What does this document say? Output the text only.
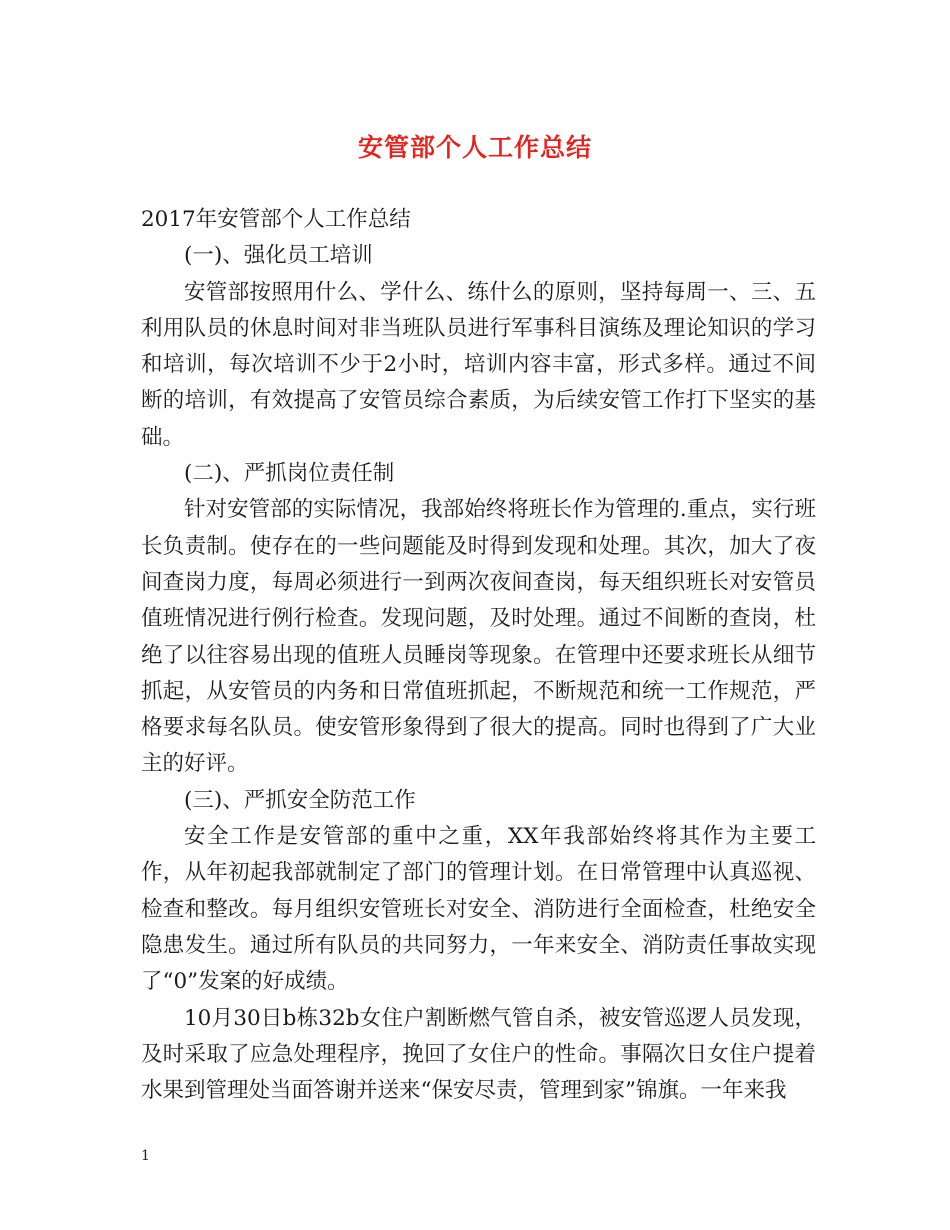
安管部个人工作总结

2017年安管部个人工作总结

(一)、强化员工培训

安管部按照用什么、学什么、练什么的原则，坚持每周一、三、五利用队员的休息时间对非当班队员进行军事科目演练及理论知识的学习和培训，每次培训不少于2小时，培训内容丰富，形式多样。通过不间断的培训，有效提高了安管员综合素质，为后续安管工作打下坚实的基础。

(二)、严抓岗位责任制

针对安管部的实际情况，我部始终将班长作为管理的.重点，实行班长负责制。使存在的一些问题能及时得到发现和处理。其次，加大了夜间查岗力度，每周必须进行一到两次夜间查岗，每天组织班长对安管员值班情况进行例行检查。发现问题，及时处理。通过不间断的查岗，杜绝了以往容易出现的值班人员睡岗等现象。在管理中还要求班长从细节抓起，从安管员的内务和日常值班抓起，不断规范和统一工作规范，严格要求每名队员。使安管形象得到了很大的提高。同时也得到了广大业主的好评。

(三)、严抓安全防范工作

安全工作是安管部的重中之重，XX年我部始终将其作为主要工作，从年初起我部就制定了部门的管理计划。在日常管理中认真巡视、检查和整改。每月组织安管班长对安全、消防进行全面检查，杜绝安全隐患发生。通过所有队员的共同努力，一年来安全、消防责任事故实现了“0”发案的好成绩。

10月30日b栋32b女住户割断燃气管自杀，被安管巡逻人员发现，及时采取了应急处理程序，挽回了女住户的性命。事隔次日女住户提着水果到管理处当面答谢并送来“保安尽责，管理到家”锦旗。一年来我

1
